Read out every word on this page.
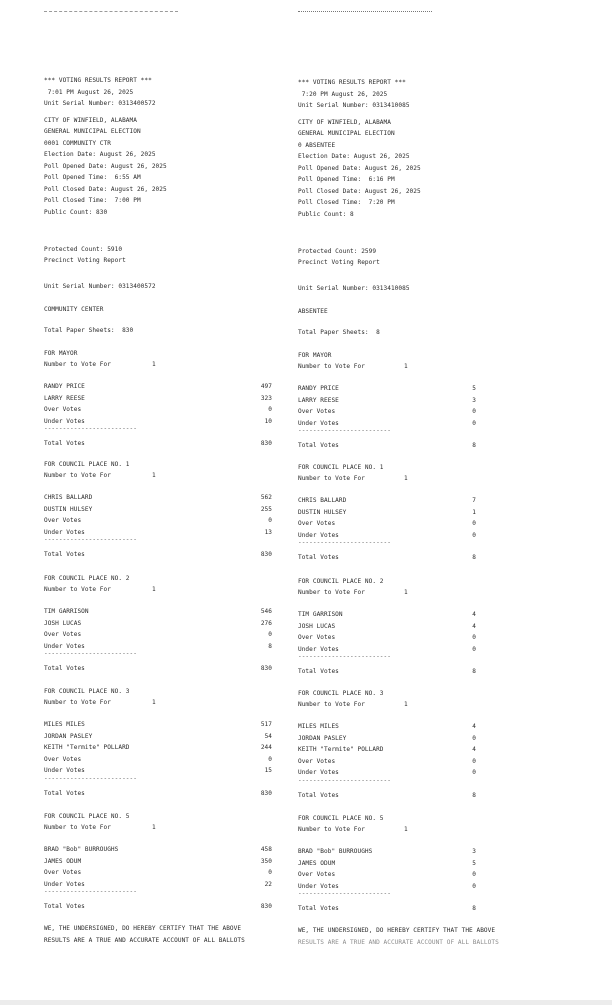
*** VOTING RESULTS REPORT ***
7:01 PM August 26, 2025
Unit Serial Number: 0313400572
CITY OF WINFIELD, ALABAMA
GENERAL MUNICIPAL ELECTION
0001 COMMUNITY CTR
Election Date: August 26, 2025
Poll Opened Date: August 26, 2025
Poll Opened Time:  6:55 AM
Poll Closed Date: August 26, 2025
Poll Closed Time:  7:00 PM
Public Count: 830
Protected Count: 5910
Precinct Voting Report
Unit Serial Number: 0313400572
COMMUNITY CENTER
Total Paper Sheets:  830
FOR MAYOR
Number to Vote For	1
RANDY PRICE	497
LARRY REESE	323
Over Votes	0
Under Votes	10
-------------------------
Total Votes	830
FOR COUNCIL PLACE NO. 1
Number to Vote For	1
CHRIS BALLARD	562
DUSTIN HULSEY	255
Over Votes	0
Under Votes	13
-------------------------
Total Votes	830
FOR COUNCIL PLACE NO. 2
Number to Vote For	1
TIM GARRISON	546
JOSH LUCAS	276
Over Votes	0
Under Votes	8
-------------------------
Total Votes	830
FOR COUNCIL PLACE NO. 3
Number to Vote For	1
MILES MILES	517
JORDAN PASLEY	54
KEITH "Termite" POLLARD	244
Over Votes	0
Under Votes	15
-------------------------
Total Votes	830
FOR COUNCIL PLACE NO. 5
Number to Vote For	1
BRAD "Bob" BURROUGHS	458
JAMES ODUM	350
Over Votes	0
Under Votes	22
-------------------------
Total Votes	830
WE, THE UNDERSIGNED, DO HEREBY CERTIFY THAT THE ABOVE
RESULTS ARE A TRUE AND ACCURATE ACCOUNT OF ALL BALLOTS
*** VOTING RESULTS REPORT ***
7:20 PM August 26, 2025
Unit Serial Number: 0313410085
CITY OF WINFIELD, ALABAMA
GENERAL MUNICIPAL ELECTION
0 ABSENTEE
Election Date: August 26, 2025
Poll Opened Date: August 26, 2025
Poll Opened Time:  6:16 PM
Poll Closed Date: August 26, 2025
Poll Closed Time:  7:20 PM
Public Count: 8
Protected Count: 2599
Precinct Voting Report
Unit Serial Number: 0313410085
ABSENTEE
Total Paper Sheets:  8
FOR MAYOR
Number to Vote For	1
RANDY PRICE	5
LARRY REESE	3
Over Votes	0
Under Votes	0
-------------------------
Total Votes	8
FOR COUNCIL PLACE NO. 1
Number to Vote For	1
CHRIS BALLARD	7
DUSTIN HULSEY	1
Over Votes	0
Under Votes	0
-------------------------
Total Votes	8
FOR COUNCIL PLACE NO. 2
Number to Vote For	1
TIM GARRISON	4
JOSH LUCAS	4
Over Votes	0
Under Votes	0
-------------------------
Total Votes	8
FOR COUNCIL PLACE NO. 3
Number to Vote For	1
MILES MILES	4
JORDAN PASLEY	0
KEITH "Termite" POLLARD	4
Over Votes	0
Under Votes	0
-------------------------
Total Votes	8
FOR COUNCIL PLACE NO. 5
Number to Vote For	1
BRAD "Bob" BURROUGHS	3
JAMES ODUM	5
Over Votes	0
Under Votes	0
-------------------------
Total Votes	8
WE, THE UNDERSIGNED, DO HEREBY CERTIFY THAT THE ABOVE
RESULTS ARE A TRUE AND ACCURATE ACCOUNT OF ALL BALLOTS
